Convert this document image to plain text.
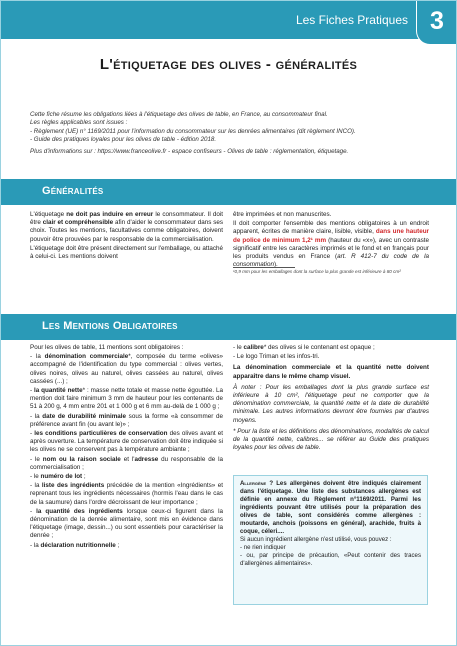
Les Fiches Pratiques 3
L'étiquetage des olives - généralités

Cette fiche résume les obligations liées à l'étiquetage des olives de table, en France, au consommateur final.

Les règles applicables sont issues :

- Règlement (UE) n° 1169/2011 pour l'information du consommateur sur les denrées alimentaires (dit règlement INCO).

- Guide des pratiques loyales pour les olives de table - édition 2018.

Plus d'informations sur : https://www.franceolive.fr - espace confiseurs - Olives de table : réglementation, étiquetage.

Généralités

L'étiquetage ne doit pas induire en erreur le consommateur. Il doit être clair et compréhensible afin d'aider le consommateur dans ses choix. Toutes les mentions, facultatives comme obligatoires, doivent pouvoir être prouvées par le responsable de la commercialisation.

L'étiquetage doit être présent directement sur l'emballage, ou attaché à celui-ci. Les mentions doivent

être imprimées et non manuscrites.

Il doit comporter l'ensemble des mentions obligatoires à un endroit apparent, écrites de manière claire, lisible, visible, dans une hauteur de police de minimum 1,2¹ mm (hauteur du «x»), avec un contraste significatif entre les caractères imprimés et le fond et en français pour les produits vendus en France (art. R 412-7 du code de la consommation).

¹0,9 mm pour les emballages dont la surface la plus grande est inférieure à 80 cm²
Les Mentions Obligatoires

Pour les olives de table, 11 mentions sont obligatoires :

- la dénomination commerciale*, composée du terme «olives» accompagné de l'identification du type commercial : olives vertes, olives noires, olives au naturel, olives cassées au naturel, olives cassées (...) ;

- la quantité nette* : masse nette totale et masse nette égouttée. La mention doit faire minimum 3 mm de hauteur pour les contenants de 51 à 200 g, 4 mm entre 201 et 1 000 g et 6 mm au-delà de 1 000 g ;

- la date de durabilité minimale sous la forme «à consommer de préférence avant fin (ou avant le)» ;

- les conditions particulières de conservation des olives avant et après ouverture. La température de conservation doit être indiquée si les olives ne se conservent pas à température ambiante ;

- le nom ou la raison sociale et l'adresse du responsable de la commercialisation ;

- le numéro de lot ;

- la liste des ingrédients précédée de la mention «Ingrédients» et reprenant tous les ingrédients nécessaires (hormis l'eau dans le cas de la saumure) dans l'ordre décroissant de leur importance ;

- la quantité des ingrédients lorsque ceux-ci figurent dans la dénomination de la denrée alimentaire, sont mis en évidence dans l'étiquetage (image, dessin...) ou sont essentiels pour caractériser la denrée ;

- la déclaration nutritionnelle ;

- le calibre* des olives si le contenant est opaque ;

- Le logo Triman et les infos-tri.

La dénomination commerciale et la quantité nette doivent apparaître dans le même champ visuel.

À noter : Pour les emballages dont la plus grande surface est inférieure à 10 cm², l'étiquetage peut ne comporter que la dénomination commerciale, la quantité nette et la date de durabilité minimale. Les autres informations devront être fournies par d'autres moyens.

* Pour la liste et les définitions des dénominations, modalités de calcul de la quantité nette, calibres... se référer au Guide des pratiques loyales pour les olives de table.

Allergène ? Les allergènes doivent être indiqués clairement dans l'étiquetage. Une liste des substances allergènes est définie en annexe du Règlement n°1169/2011. Parmi les ingrédients pouvant être utilisés pour la préparation des olives de table, sont considérés comme allergènes : moutarde, anchois (poissons en général), arachide, fruits à coque, céleri....

Si aucun ingrédient allergène n'est utilisé, vous pouvez :

- ne rien indiquer

- ou, par principe de précaution, «Peut contenir des traces d'allergènes alimentaires».
